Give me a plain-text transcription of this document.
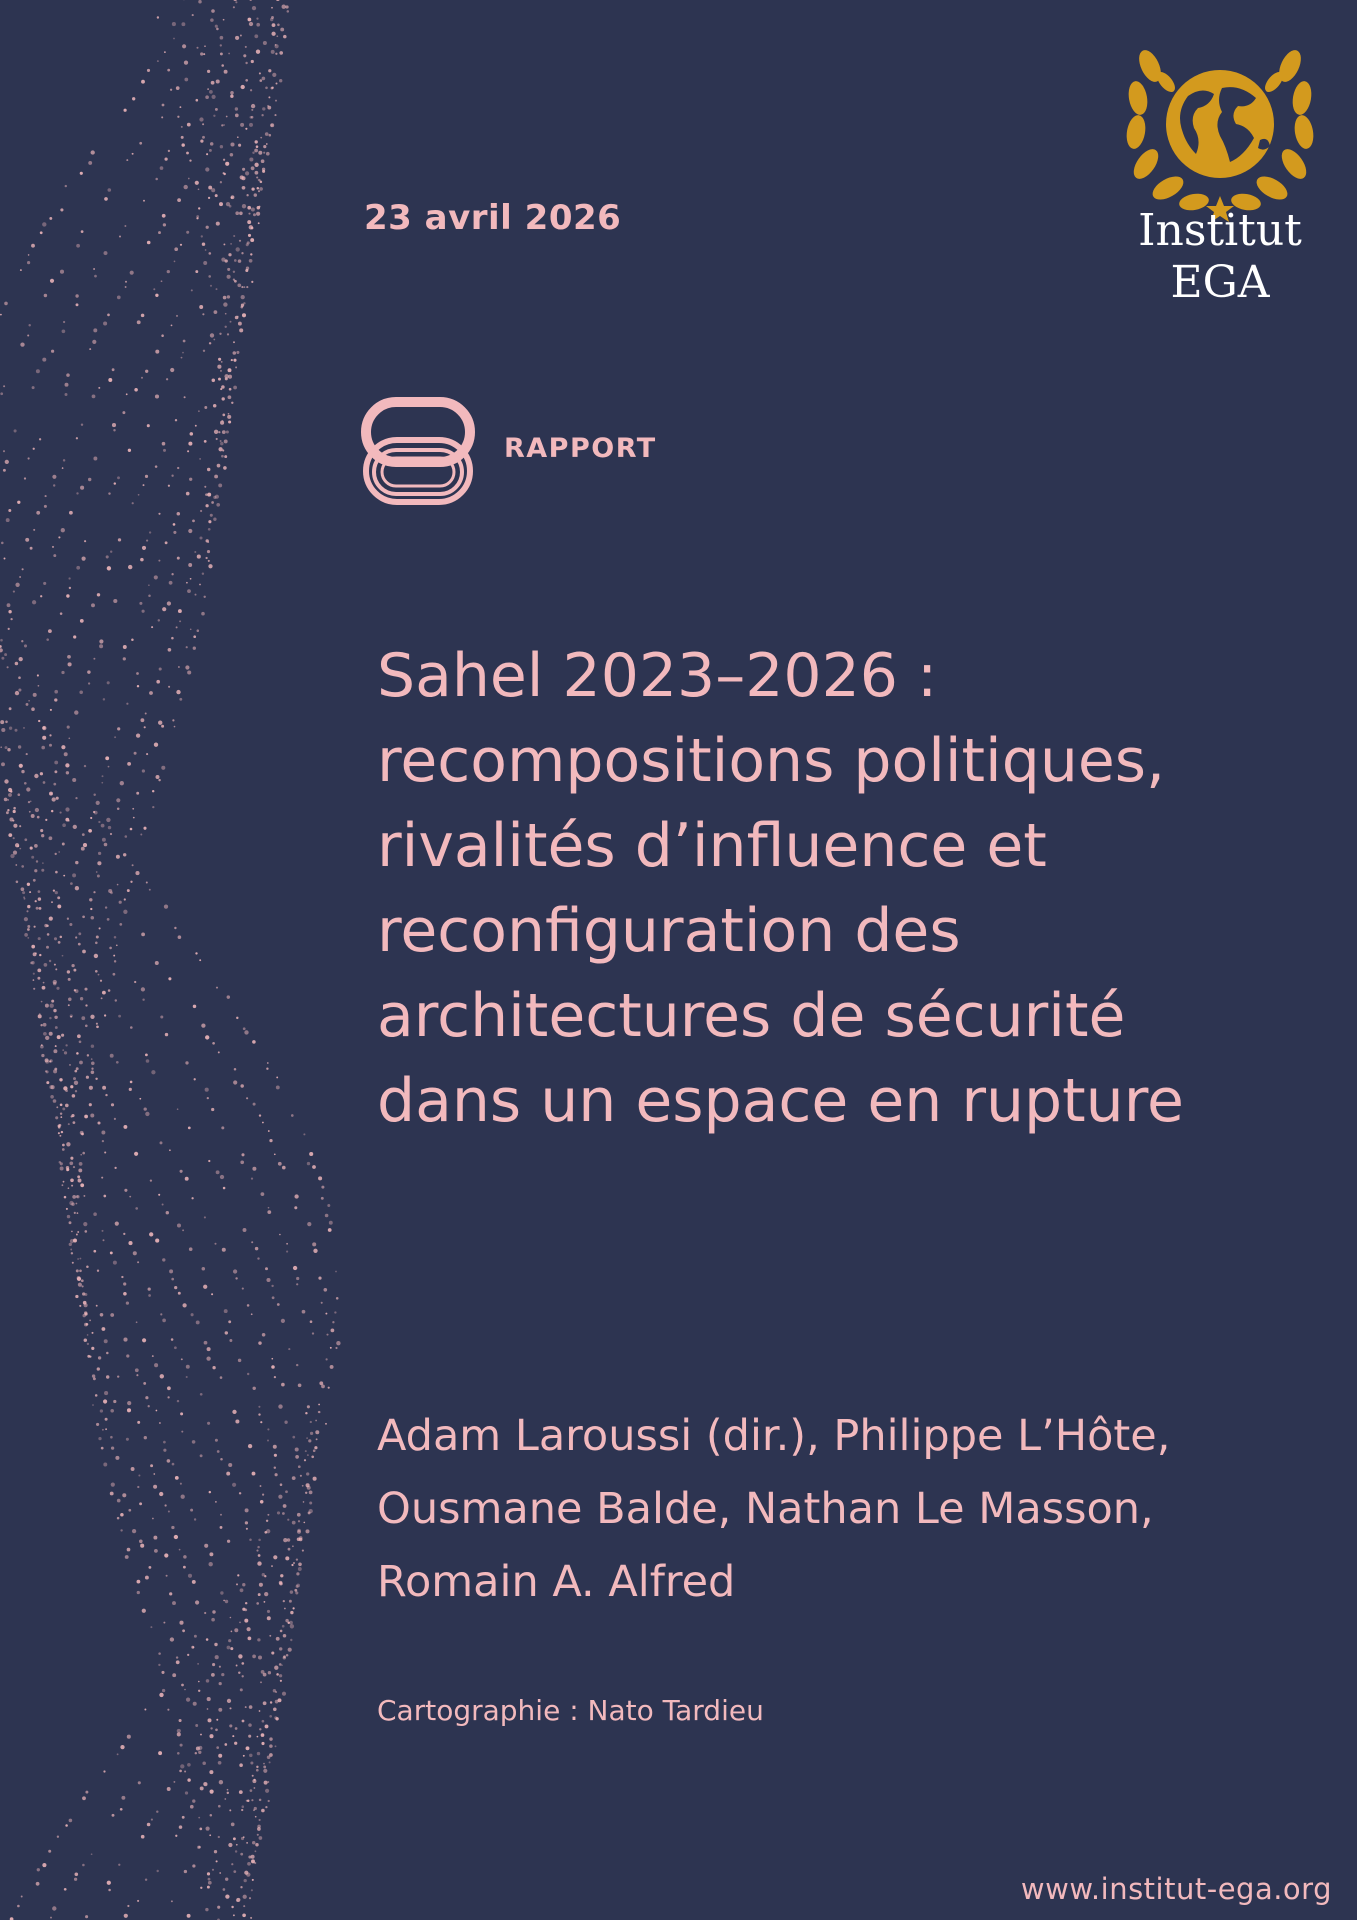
23 avril 2026	Institut
EGA
RAPPORT
Sahel 2023–2026 : recompositions politiques, rivalités d’influence et reconfiguration des architectures de sécurité dans un espace en rupture
Adam Laroussi (dir.), Philippe L’Hôte, Ousmane Balde, Nathan Le Masson, Romain A. Alfred
Cartographie : Nato Tardieu
www.institut-ega.org
